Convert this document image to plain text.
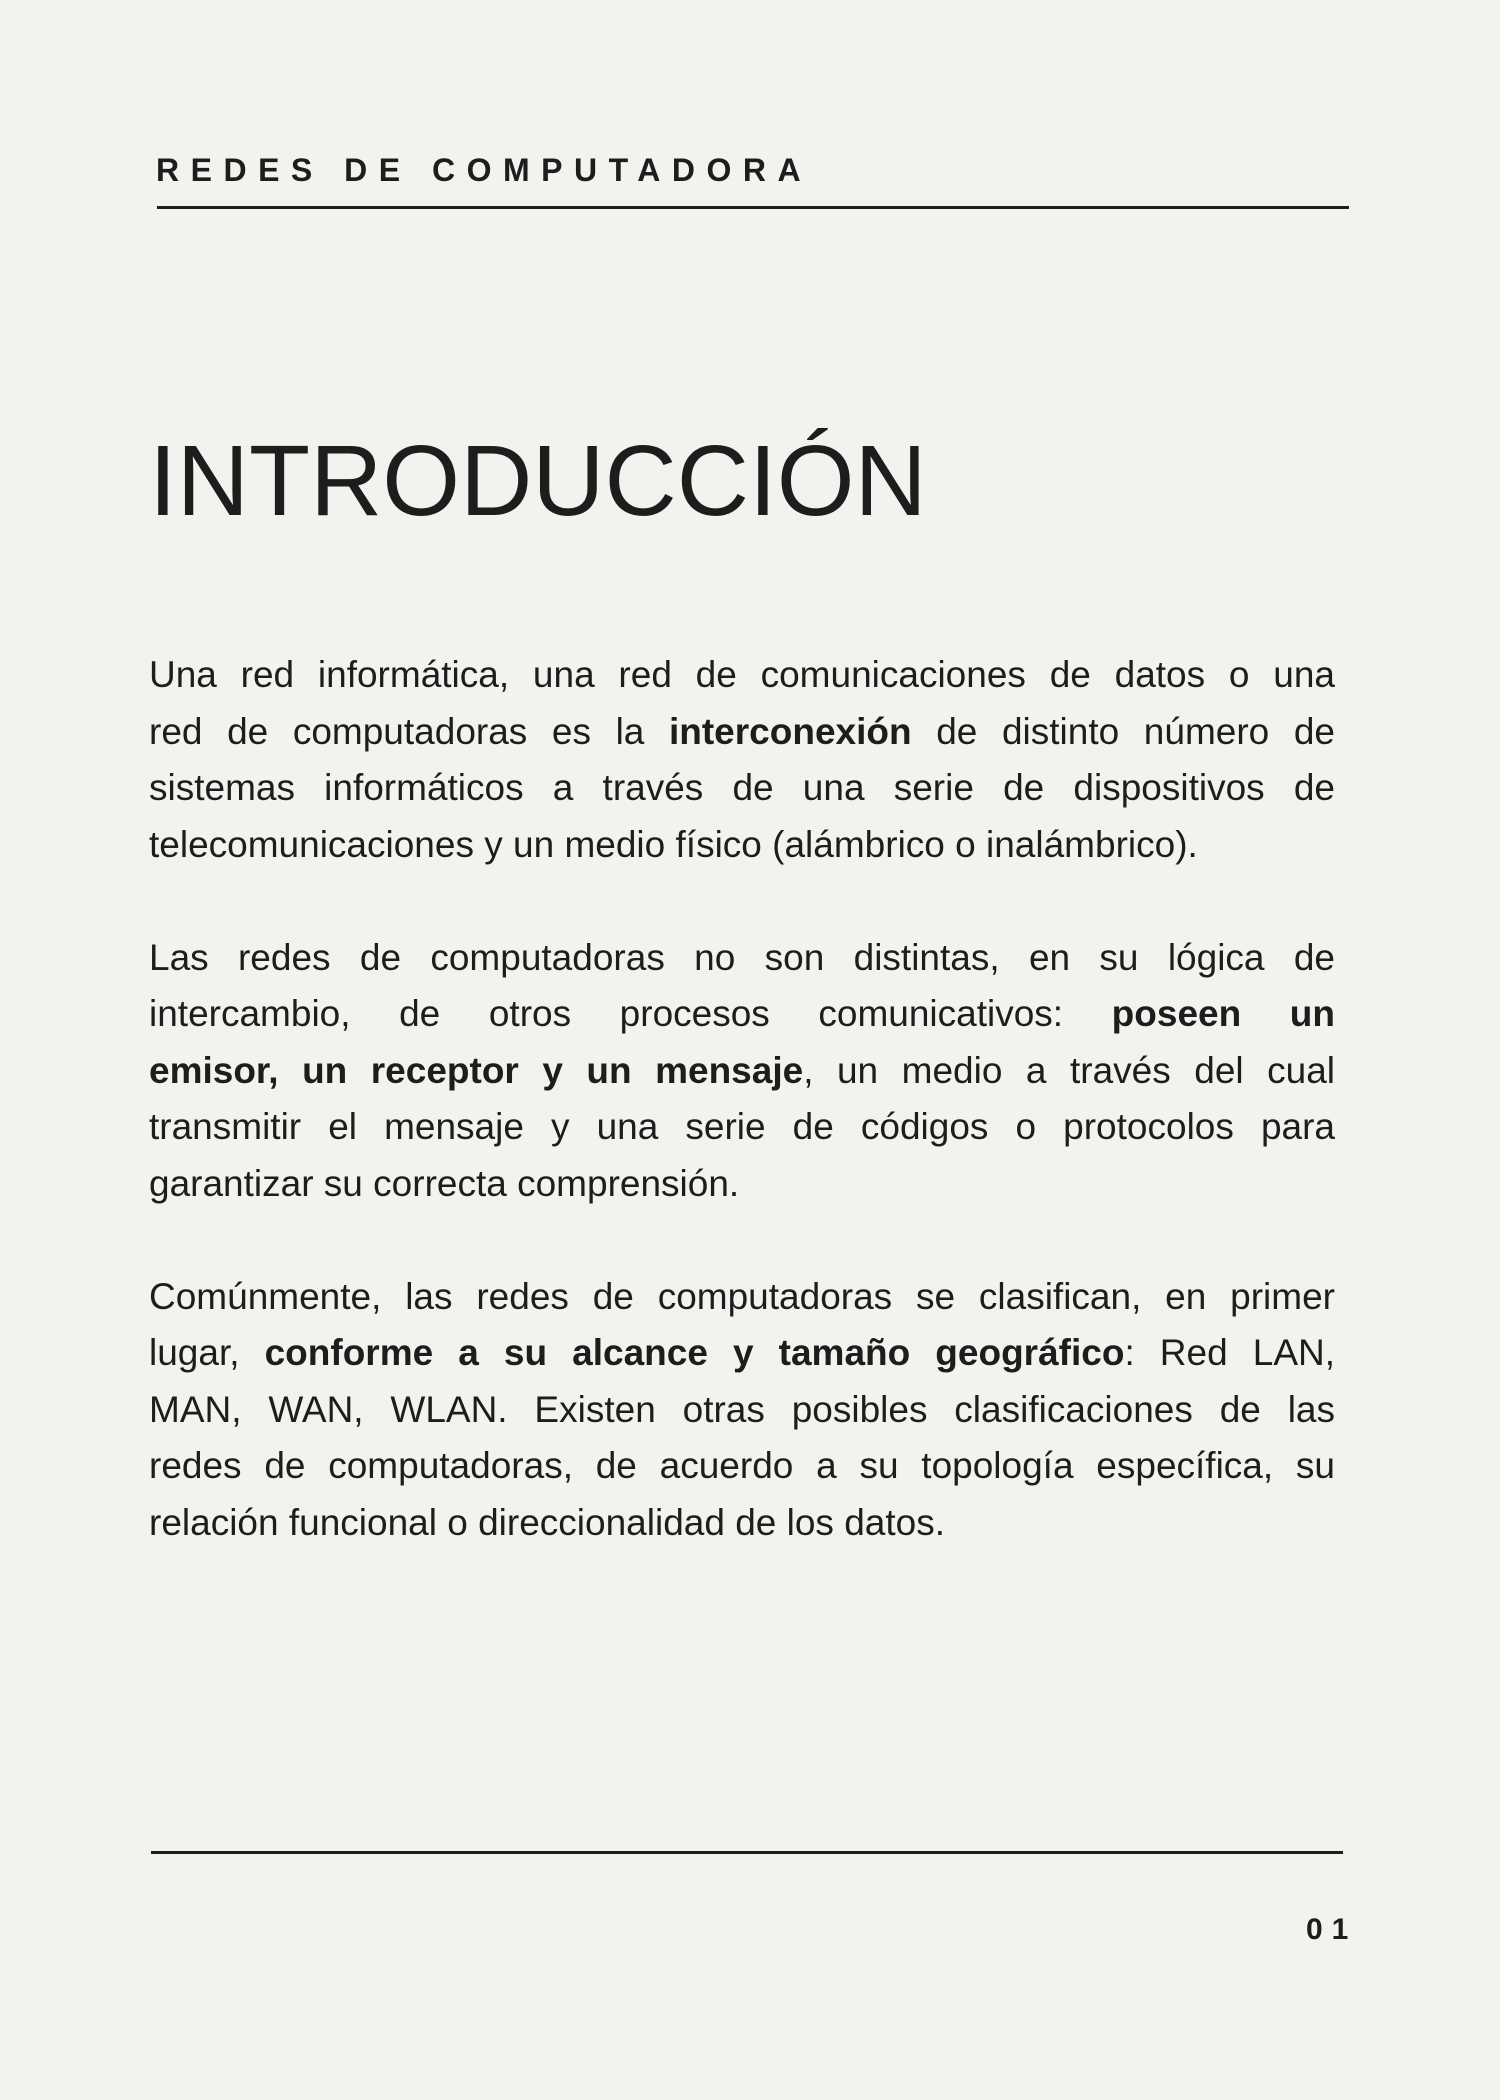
REDES DE COMPUTADORA
INTRODUCCIÓN
Una red informática, una red de comunicaciones de datos o una
red de computadoras es la interconexión de distinto número de
sistemas informáticos a través de una serie de dispositivos de
telecomunicaciones y un medio físico (alámbrico o inalámbrico).
Las redes de computadoras no son distintas, en su lógica de
intercambio, de otros procesos comunicativos: poseen un
emisor, un receptor y un mensaje, un medio a través del cual
transmitir el mensaje y una serie de códigos o protocolos para
garantizar su correcta comprensión.
Comúnmente, las redes de computadoras se clasifican, en primer
lugar, conforme a su alcance y tamaño geográfico: Red LAN,
MAN, WAN, WLAN. Existen otras posibles clasificaciones de las
redes de computadoras, de acuerdo a su topología específica, su
relación funcional o direccionalidad de los datos.
01
